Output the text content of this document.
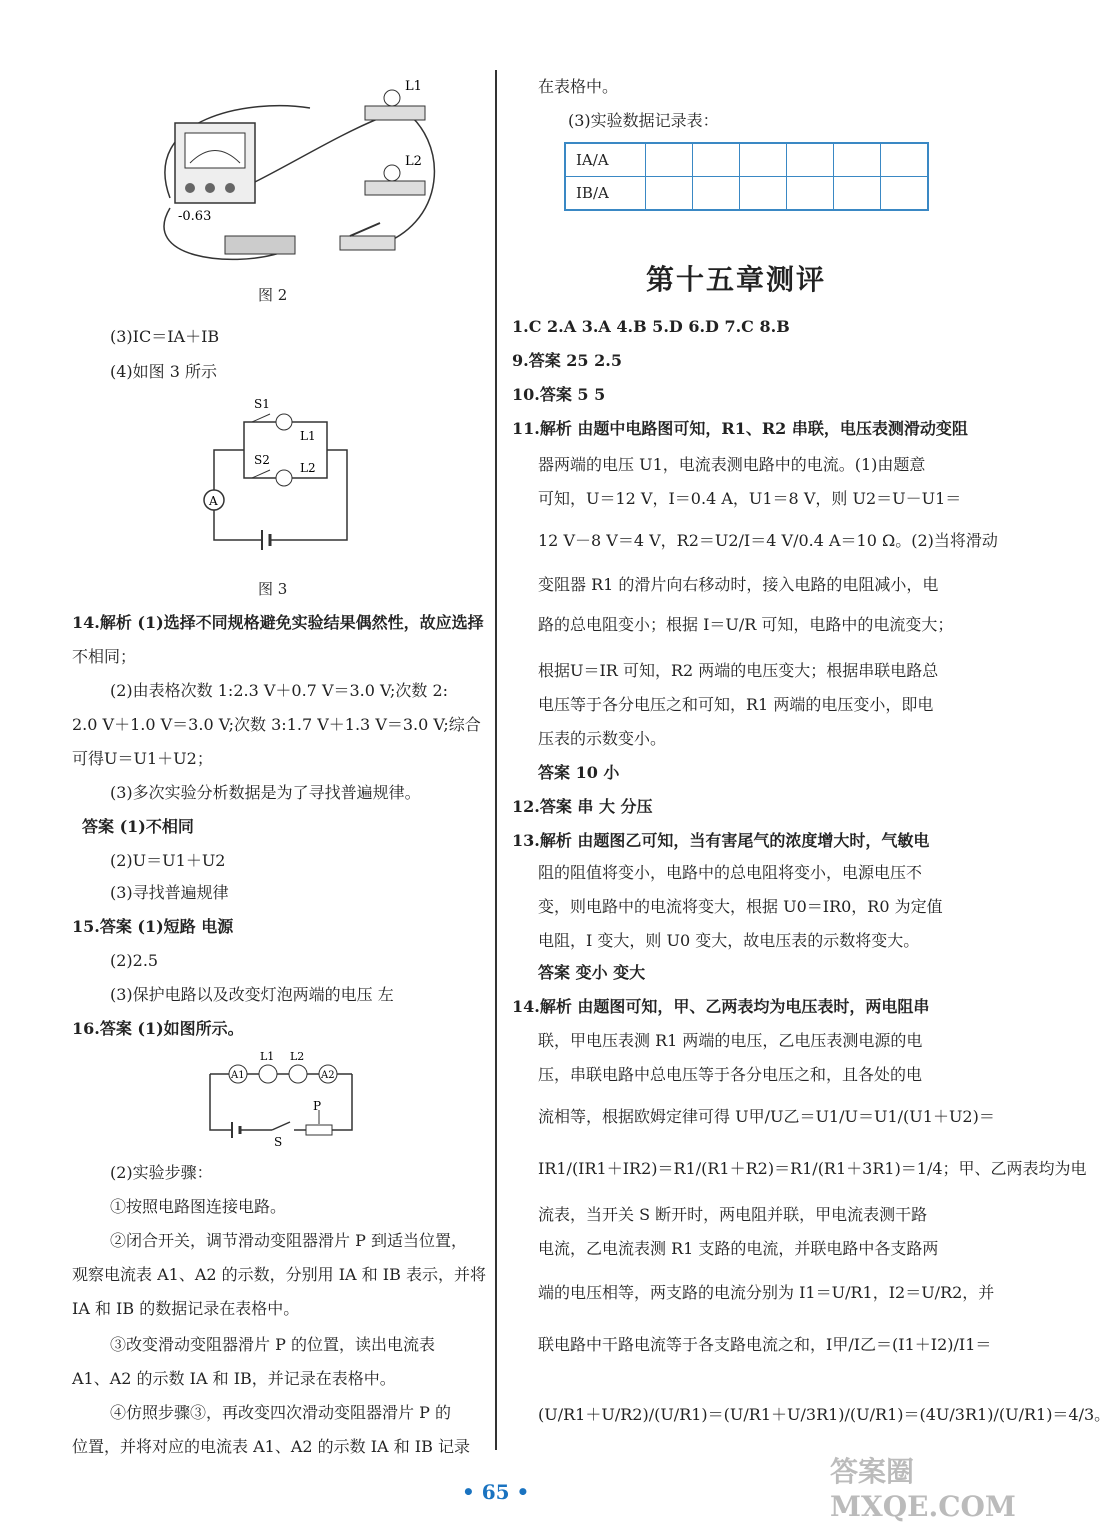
-0.63
L1
L2
图 2
(3)IC＝IA＋IB
(4)如图 3 所示
A
S1
S2
L1
L2
图 3
14.解析 (1)选择不同规格避免实验结果偶然性，故应选择
不相同；
(2)由表格次数 1:2.3 V＋0.7 V＝3.0 V;次数 2:
2.0 V＋1.0 V＝3.0 V;次数 3:1.7 V＋1.3 V＝3.0 V;综合
可得U＝U1＋U2；
(3)多次实验分析数据是为了寻找普遍规律。
答案 (1)不相同
(2)U＝U1＋U2
(3)寻找普遍规律
15.答案 (1)短路 电源
(2)2.5
(3)保护电路以及改变灯泡两端的电压 左
16.答案 (1)如图所示。
A1	A2
L1 L2
P
S
(2)实验步骤：
①按照电路图连接电路。
②闭合开关，调节滑动变阻器滑片 P 到适当位置，
观察电流表 A1、A2 的示数，分别用 IA 和 IB 表示，并将
IA 和 IB 的数据记录在表格中。
③改变滑动变阻器滑片 P 的位置，读出电流表
A1、A2 的示数 IA 和 IB，并记录在表格中。
④仿照步骤③，再改变四次滑动变阻器滑片 P 的
位置，并将对应的电流表 A1、A2 的示数 IA 和 IB 记录
在表格中。
(3)实验数据记录表：
IA/A						
IB/A						
第十五章测评
1.C 2.A 3.A 4.B 5.D 6.D 7.C 8.B
9.答案 25 2.5
10.答案 5 5
11.解析 由题中电路图可知，R1、R2 串联，电压表测滑动变阻
器两端的电压 U1，电流表测电路中的电流。(1)由题意
可知，U＝12 V，I＝0.4 A，U1＝8 V，则 U2＝U－U1＝
12 V－8 V＝4 V，R2＝U2/I＝4 V/0.4 A＝10 Ω。(2)当将滑动
变阻器 R1 的滑片向右移动时，接入电路的电阻减小，电
路的总电阻变小；根据 I＝U/R 可知，电路中的电流变大；
根据U＝IR 可知，R2 两端的电压变大；根据串联电路总
电压等于各分电压之和可知，R1 两端的电压变小，即电
压表的示数变小。
答案 10 小
12.答案 串 大 分压
13.解析 由题图乙可知，当有害尾气的浓度增大时，气敏电
阻的阻值将变小，电路中的总电阻将变小，电源电压不
变，则电路中的电流将变大，根据 U0＝IR0，R0 为定值
电阻，I 变大，则 U0 变大，故电压表的示数将变大。
答案 变小 变大
14.解析 由题图可知，甲、乙两表均为电压表时，两电阻串
联，甲电压表测 R1 两端的电压，乙电压表测电源的电
压，串联电路中总电压等于各分电压之和，且各处的电
流相等，根据欧姆定律可得 U甲/U乙＝U1/U＝U1/(U1＋U2)＝
IR1/(IR1＋IR2)＝R1/(R1＋R2)＝R1/(R1＋3R1)＝1/4；甲、乙两表均为电
流表，当开关 S 断开时，两电阻并联，甲电流表测干路
电流，乙电流表测 R1 支路的电流，并联电路中各支路两
端的电压相等，两支路的电流分别为 I1＝U/R1，I2＝U/R2，并
联电路中干路电流等于各支路电流之和，I甲/I乙＝(I1＋I2)/I1＝
(U/R1＋U/R2)/(U/R1)＝(U/R1＋U/3R1)/(U/R1)＝(4U/3R1)/(U/R1)＝4/3。
• 65 •
答案圈 MXQE.COM
